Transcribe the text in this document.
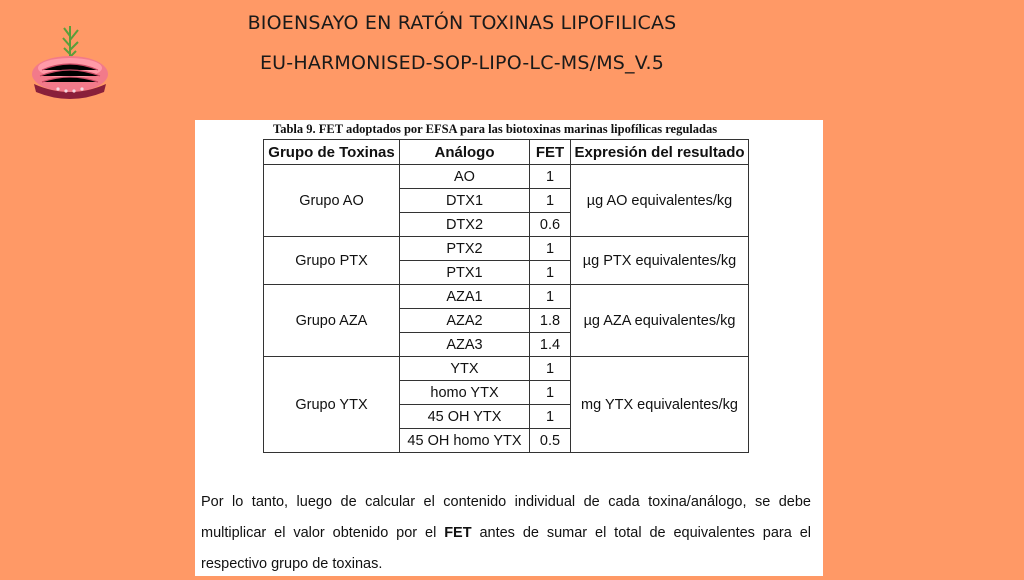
BIOENSAYO EN RATÓN TOXINAS LIPOFILICAS
EU-HARMONISED-SOP-LIPO-LC-MS/MS_V.5
Tabla 9. FET adoptados por EFSA para las biotoxinas marinas lipofílicas reguladas
Grupo de Toxinas	Análogo	FET	Expresión del resultado
Grupo AO	AO	1	µg AO equivalentes/kg
	DTX1	1	
	DTX2	0.6	
Grupo PTX	PTX2	1	µg PTX equivalentes/kg
	PTX1	1	
Grupo AZA	AZA1	1	µg AZA equivalentes/kg
	AZA2	1.8	
	AZA3	1.4	
Grupo YTX	YTX	1	mg YTX equivalentes/kg
	homo YTX	1	
	45 OH YTX	1	
	45 OH homo YTX	0.5	
Por lo tanto, luego de calcular el contenido individual de cada toxina/análogo, se debe multiplicar el valor obtenido por el FET antes de sumar el total de equivalentes para el respectivo grupo de toxinas.
